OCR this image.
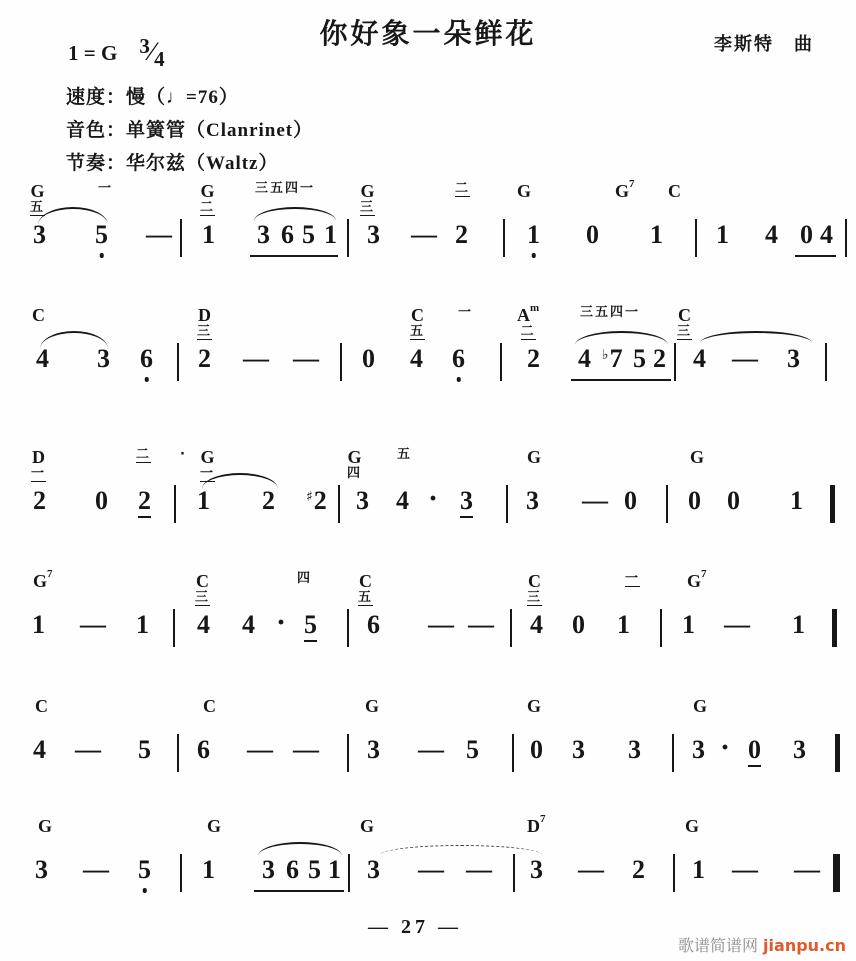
你好象一朵鲜花	李斯特　曲
1 = G 3⁄4
速度：慢（♩=76）
音色：单簧管（Clanrinet）
节奏：华尔兹（Waltz）
— 27 —
歌谱简谱网 jianpu.cn
G
五
一	G
二
三五四一	G
三
二	G	G 7 C
3 5 — 1 3 6 5 1 3 — 2 1 0 1 1 4 0 4
C	D
三
C
五
一 A m
二
三五四一 C
三
4 3 6 2 — — 0 4 6 2 4 ♭7 5 2 4 — 3
D
一
二 · G
一
G
四
五	G	G
2 0 2 1 2 ♯2 3 4 · 3 3 — 0 0 0 1
G 7	C
三
四	C
五
C
三
一	G 7
1 — 1 4 4 · 5 6 — — 4 0 1 1 — 1
C	C	G	G	G
4 — 5 6 — — 3 — 5 0 3 3 3 · 0 3
G	G	G	D 7	G
3 — 5 1 3 6 5 1 3 — — 3 — 2 1 — —
